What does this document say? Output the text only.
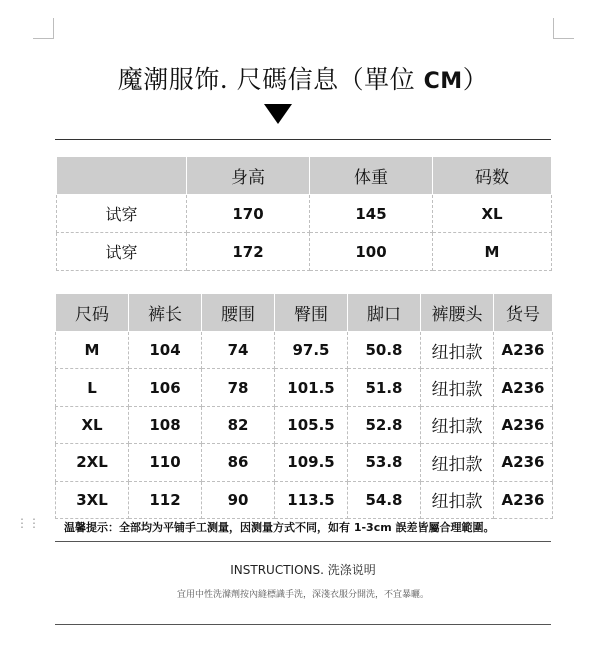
魔潮服饰. 尺碼信息（單位 CM）
	身高	体重	码数
试穿	170	145	XL
试穿	172	100	M
尺码	裤长	腰围	臀围	脚口	裤腰头	货号
M	104	74	97.5	50.8	纽扣款	A236
L	106	78	101.5	51.8	纽扣款	A236
XL	108	82	105.5	52.8	纽扣款	A236
2XL	110	86	109.5	53.8	纽扣款	A236
3XL	112	90	113.5	54.8	纽扣款	A236
⋮⋮ 温馨提示：全部均为平铺手工测量，因测量方式不同，如有 1-3cm 誤差皆屬合理範圍。
INSTRUCTIONS. 洗涤说明
宜用中性洗滌劑按內縫標識手洗，深淺衣服分開洗，不宜暴曬。
